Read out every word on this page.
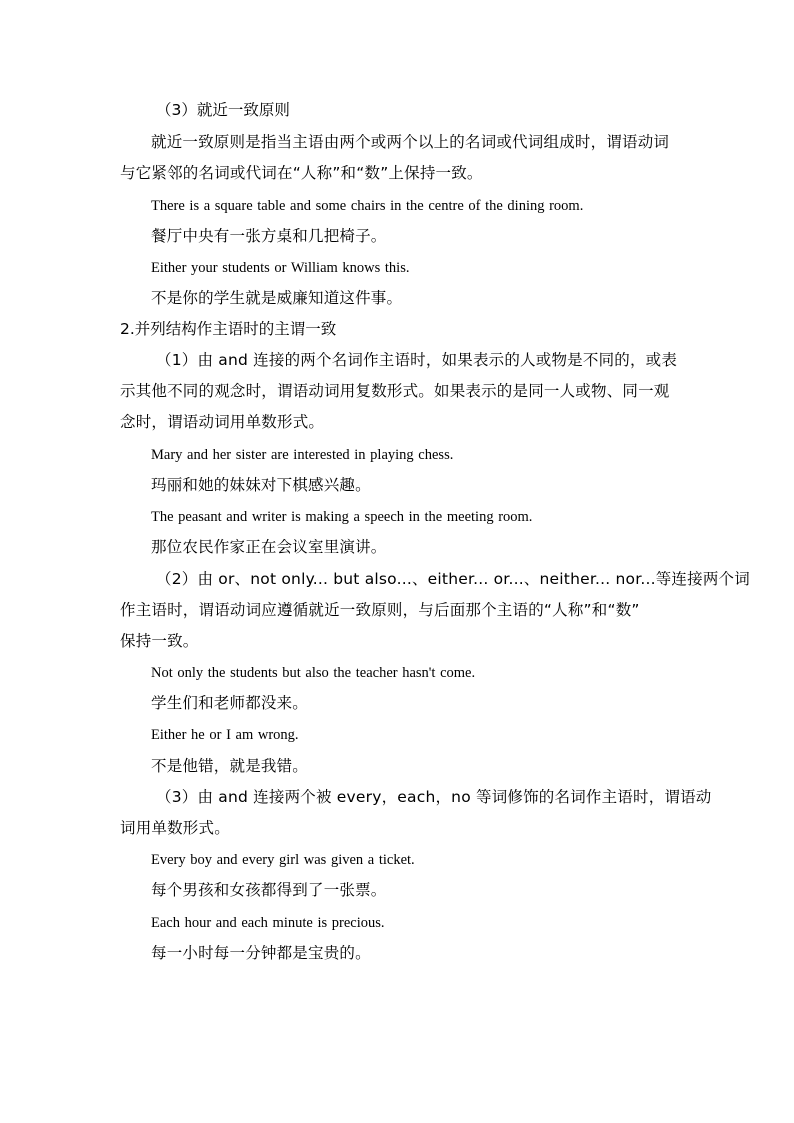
（3）就近一致原则
就近一致原则是指当主语由两个或两个以上的名词或代词组成时，谓语动词
与它紧邻的名词或代词在“人称”和“数”上保持一致。
There is a square table and some chairs in the centre of the dining room.
餐厅中央有一张方桌和几把椅子。
Either your students or William knows this.
不是你的学生就是威廉知道这件事。
2.并列结构作主语时的主谓一致
（1）由 and 连接的两个名词作主语时，如果表示的人或物是不同的，或表
示其他不同的观念时，谓语动词用复数形式。如果表示的是同一人或物、同一观
念时，谓语动词用单数形式。
Mary and her sister are interested in playing chess.
玛丽和她的妹妹对下棋感兴趣。
The peasant and writer is making a speech in the meeting room.
那位农民作家正在会议室里演讲。
（2）由 or、not only... but also...、either... or...、neither... nor...等连接两个词
作主语时，谓语动词应遵循就近一致原则，与后面那个主语的“人称”和“数”
保持一致。
Not only the students but also the teacher hasn't come.
学生们和老师都没来。
Either he or I am wrong.
不是他错，就是我错。
（3）由 and 连接两个被 every，each，no 等词修饰的名词作主语时，谓语动
词用单数形式。
Every boy and every girl was given a ticket.
每个男孩和女孩都得到了一张票。
Each hour and each minute is precious.
每一小时每一分钟都是宝贵的。
